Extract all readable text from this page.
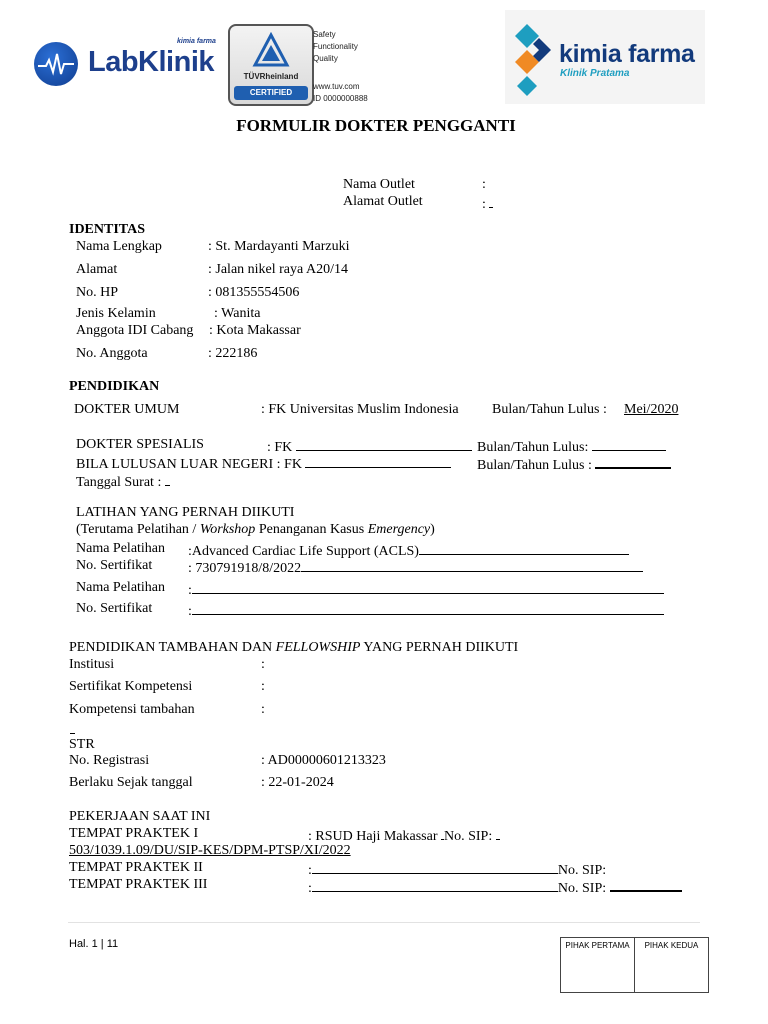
LabKlinik
kimia farma
TÜVRheinland
CERTIFIED
Safety
Functionality
Quality
www.tuv.com
ID 0000000888
kimia farma
Klinik Pratama
FORMULIR DOKTER PENGGANTI
Nama Outlet	:
Alamat Outlet	:
IDENTITAS
Nama Lengkap	: St. Mardayanti Marzuki
Alamat	: Jalan nikel raya A20/14
No. HP	: 081355554506
Jenis Kelamin	: Wanita
Anggota IDI Cabang : Kota Makassar
No. Anggota	: 222186
PENDIDIKAN
DOKTER UMUM	: FK Universitas Muslim Indonesia Bulan/Tahun Lulus : Mei/2020
DOKTER SPESIALIS	: FK	Bulan/Tahun Lulus:
BILA LULUSAN LUAR NEGERI : FK	Bulan/Tahun Lulus :
Tanggal Surat :
LATIHAN YANG PERNAH DIIKUTI
(Terutama Pelatihan / Workshop Penanganan Kasus Emergency)
Nama Pelatihan :Advanced Cardiac Life Support (ACLS)
No. Sertifikat	: 730791918/8/2022
Nama Pelatihan :
No. Sertifikat	:
PENDIDIKAN TAMBAHAN DAN FELLOWSHIP YANG PERNAH DIIKUTI
Institusi	:
Sertifikat Kompetensi	:
Kompetensi tambahan	:
STR
No. Registrasi	: AD00000601213323
Berlaku Sejak tanggal	: 22-01-2024
PEKERJAAN SAAT INI
TEMPAT PRAKTEK I	: RSUD Haji Makassar No. SIP:
503/1039.1.09/DU/SIP-KES/DPM-PTSP/XI/2022
TEMPAT PRAKTEK II	:	No. SIP:
TEMPAT PRAKTEK III	:	No. SIP:
Hal. 1 | 11	PIHAK PERTAMA	PIHAK KEDUA
